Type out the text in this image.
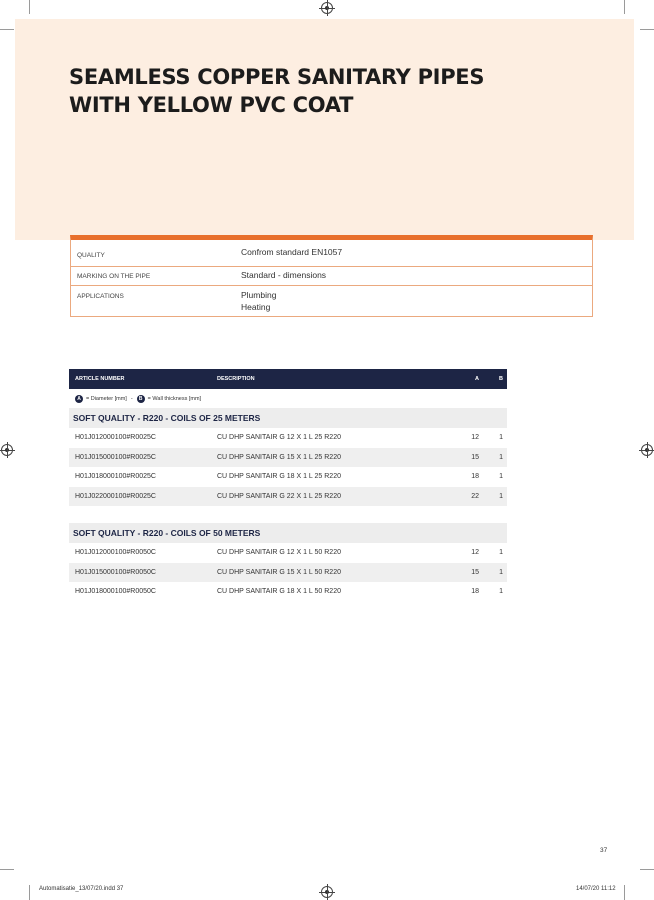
SEAMLESS COPPER SANITARY PIPES
WITH YELLOW PVC COAT
QUALITY	Confrom standard EN1057
MARKING ON THE PIPE	Standard - dimensions
APPLICATIONS	Plumbing
Heating
ARTICLE NUMBER	DESCRIPTION	A	B
A = Diameter [mm] -	B = Wall thickness [mm]
SOFT QUALITY - R220 - COILS OF 25 METERS
H01J012000100#R0025C	CU DHP SANITAIR G 12 X 1 L 25 R220	12	1
H01J015000100#R0025C	CU DHP SANITAIR G 15 X 1 L 25 R220	15	1
H01J018000100#R0025C	CU DHP SANITAIR G 18 X 1 L 25 R220	18	1
H01J022000100#R0025C	CU DHP SANITAIR G 22 X 1 L 25 R220	22	1
SOFT QUALITY - R220 - COILS OF 50 METERS
H01J012000100#R0050C	CU DHP SANITAIR G 12 X 1 L 50 R220	12	1
H01J015000100#R0050C	CU DHP SANITAIR G 15 X 1 L 50 R220	15	1
H01J018000100#R0050C	CU DHP SANITAIR G 18 X 1 L 50 R220	18	1
37
Automatisatie_13/07/20.indd 37	14/07/20 11:12
